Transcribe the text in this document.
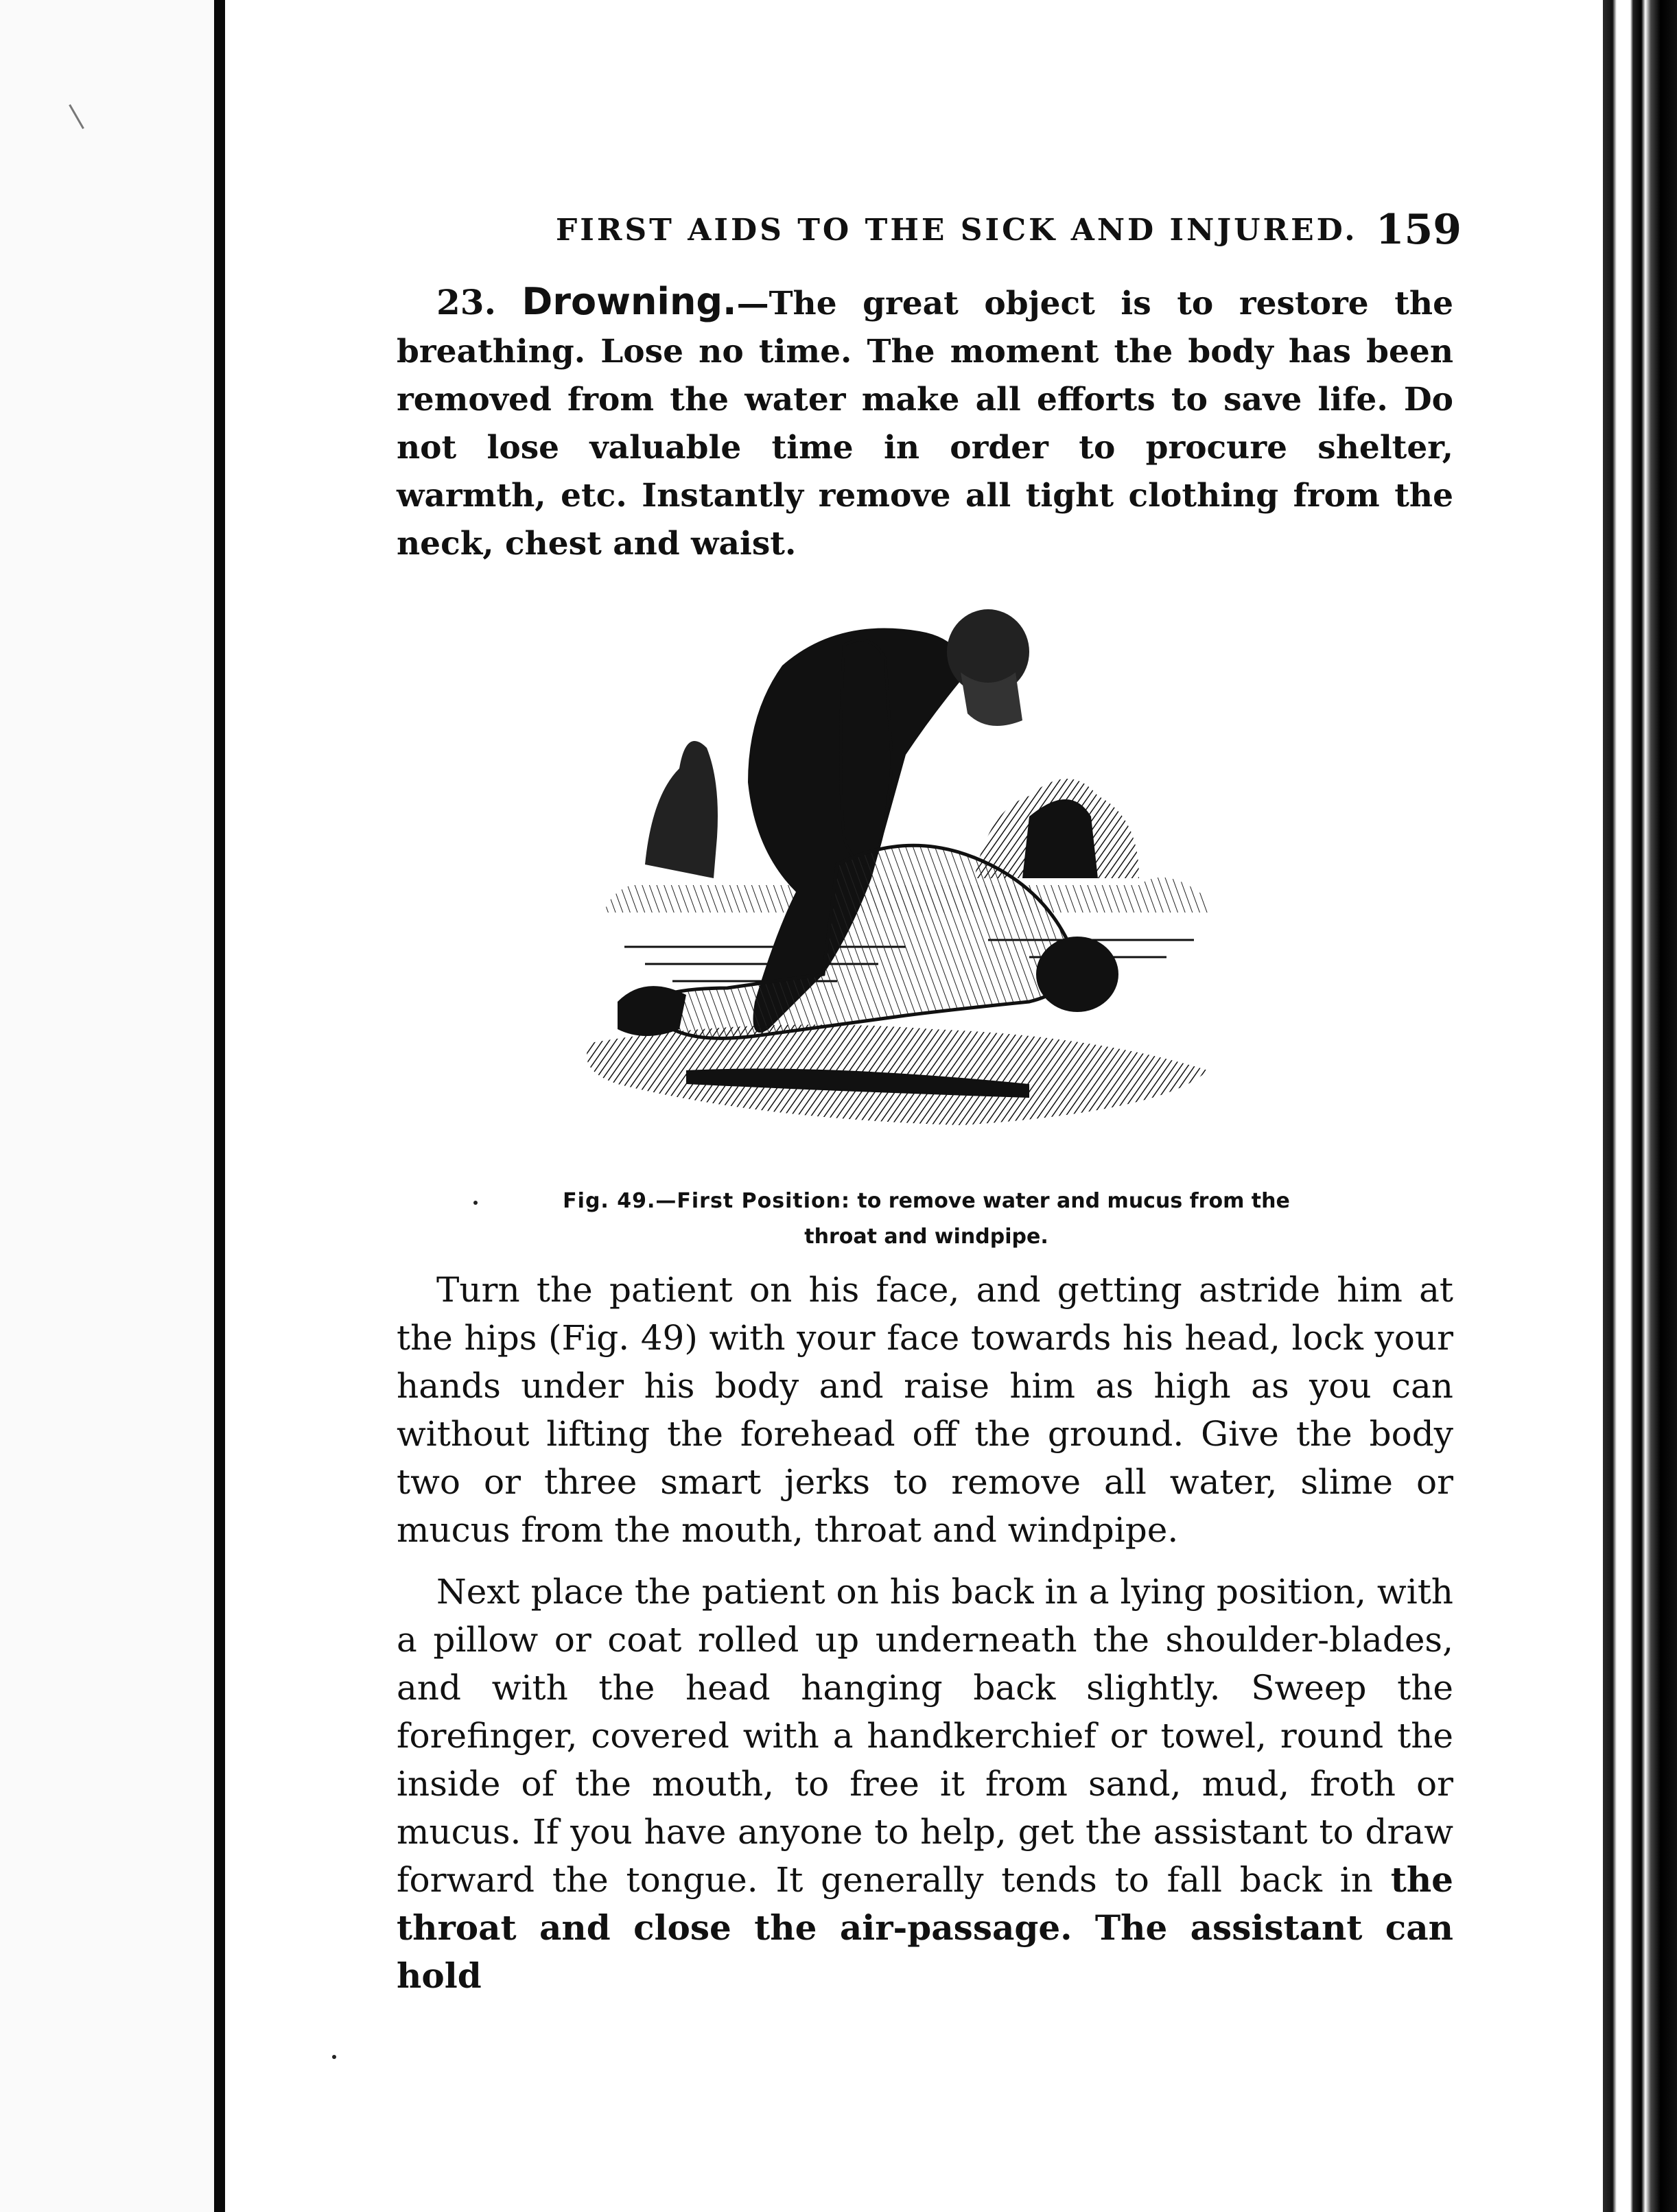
FIRST AIDS TO THE SICK AND INJURED. 159
23. Drowning.—The great object is to restore the breathing. Lose no time. The moment the body has been removed from the water make all efforts to save life. Do not lose valuable time in order to procure shelter, warmth, etc. Instantly remove all tight clothing from the neck, chest and waist.
Fig. 49.—First Position: to remove water and mucus from the throat and windpipe.
Turn the patient on his face, and getting astride him at the hips (Fig. 49) with your face towards his head, lock your hands under his body and raise him as high as you can without lifting the forehead off the ground. Give the body two or three smart jerks to remove all water, slime or mucus from the mouth, throat and windpipe.
Next place the patient on his back in a lying position, with a pillow or coat rolled up underneath the shoulder-blades, and with the head hanging back slightly. Sweep the forefinger, covered with a handkerchief or towel, round the inside of the mouth, to free it from sand, mud, froth or mucus. If you have anyone to help, get the assistant to draw forward the tongue. It generally tends to fall back in the throat and close the air-passage. The assistant can hold
